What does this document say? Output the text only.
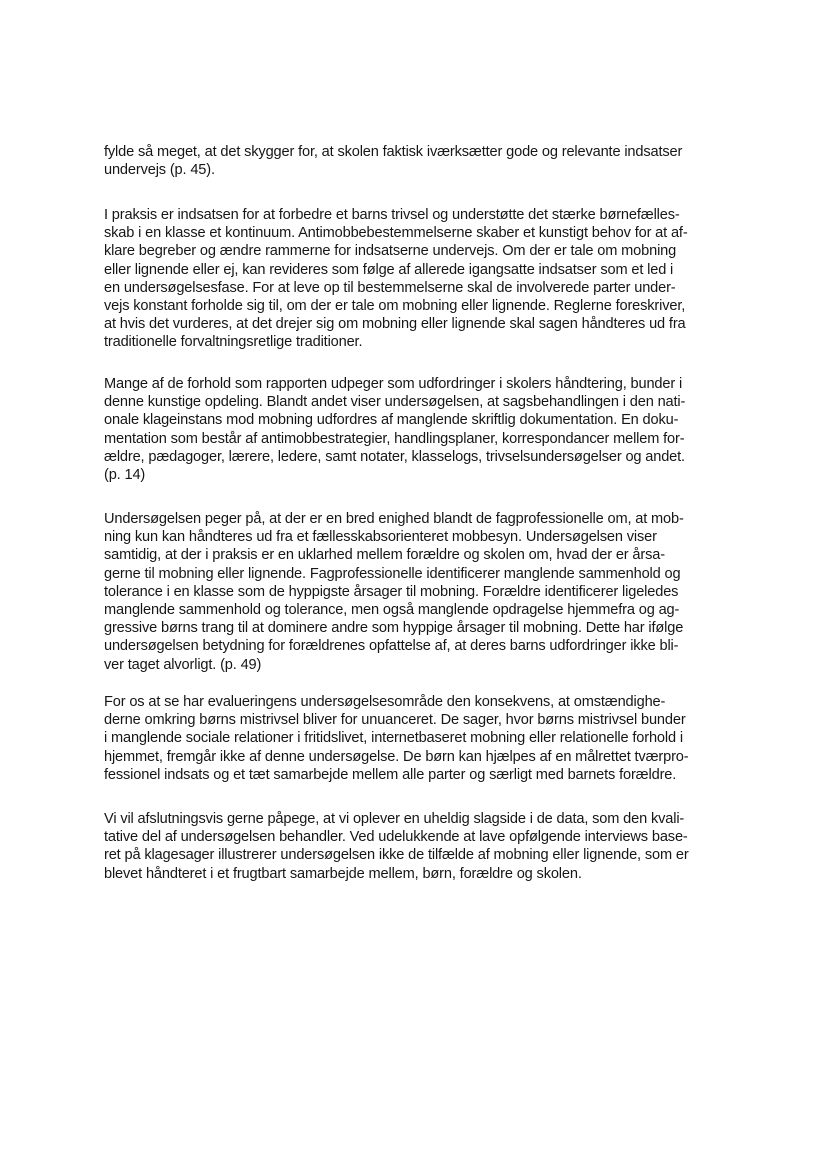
fylde så meget, at det skygger for, at skolen faktisk iværksætter gode og relevante indsatser
undervejs (p. 45).

I praksis er indsatsen for at forbedre et barns trivsel og understøtte det stærke børnefælles-
skab i en klasse et kontinuum. Antimobbebestemmelserne skaber et kunstigt behov for at af-
klare begreber og ændre rammerne for indsatserne undervejs. Om der er tale om mobning
eller lignende eller ej, kan revideres som følge af allerede igangsatte indsatser som et led i
en undersøgelsesfase. For at leve op til bestemmelserne skal de involverede parter under-
vejs konstant forholde sig til, om der er tale om mobning eller lignende. Reglerne foreskriver,
at hvis det vurderes, at det drejer sig om mobning eller lignende skal sagen håndteres ud fra
traditionelle forvaltningsretlige traditioner.

Mange af de forhold som rapporten udpeger som udfordringer i skolers håndtering, bunder i
denne kunstige opdeling. Blandt andet viser undersøgelsen, at sagsbehandlingen i den nati-
onale klageinstans mod mobning udfordres af manglende skriftlig dokumentation. En doku-
mentation som består af antimobbestrategier, handlingsplaner, korrespondancer mellem for-
ældre, pædagoger, lærere, ledere, samt notater, klasselogs, trivselsundersøgelser og andet.
(p. 14)

Undersøgelsen peger på, at der er en bred enighed blandt de fagprofessionelle om, at mob-
ning kun kan håndteres ud fra et fællesskabsorienteret mobbesyn. Undersøgelsen viser
samtidig, at der i praksis er en uklarhed mellem forældre og skolen om, hvad der er årsa-
gerne til mobning eller lignende. Fagprofessionelle identificerer manglende sammenhold og
tolerance i en klasse som de hyppigste årsager til mobning. Forældre identificerer ligeledes
manglende sammenhold og tolerance, men også manglende opdragelse hjemmefra og ag-
gressive børns trang til at dominere andre som hyppige årsager til mobning. Dette har ifølge
undersøgelsen betydning for forældrenes opfattelse af, at deres barns udfordringer ikke bli-
ver taget alvorligt. (p. 49)

For os at se har evalueringens undersøgelsesområde den konsekvens, at omstændighe-
derne omkring børns mistrivsel bliver for unuanceret. De sager, hvor børns mistrivsel bunder
i manglende sociale relationer i fritidslivet, internetbaseret mobning eller relationelle forhold i
hjemmet, fremgår ikke af denne undersøgelse. De børn kan hjælpes af en målrettet tværpro-
fessionel indsats og et tæt samarbejde mellem alle parter og særligt med barnets forældre.

Vi vil afslutningsvis gerne påpege, at vi oplever en uheldig slagside i de data, som den kvali-
tative del af undersøgelsen behandler. Ved udelukkende at lave opfølgende interviews base-
ret på klagesager illustrerer undersøgelsen ikke de tilfælde af mobning eller lignende, som er
blevet håndteret i et frugtbart samarbejde mellem, børn, forældre og skolen.
